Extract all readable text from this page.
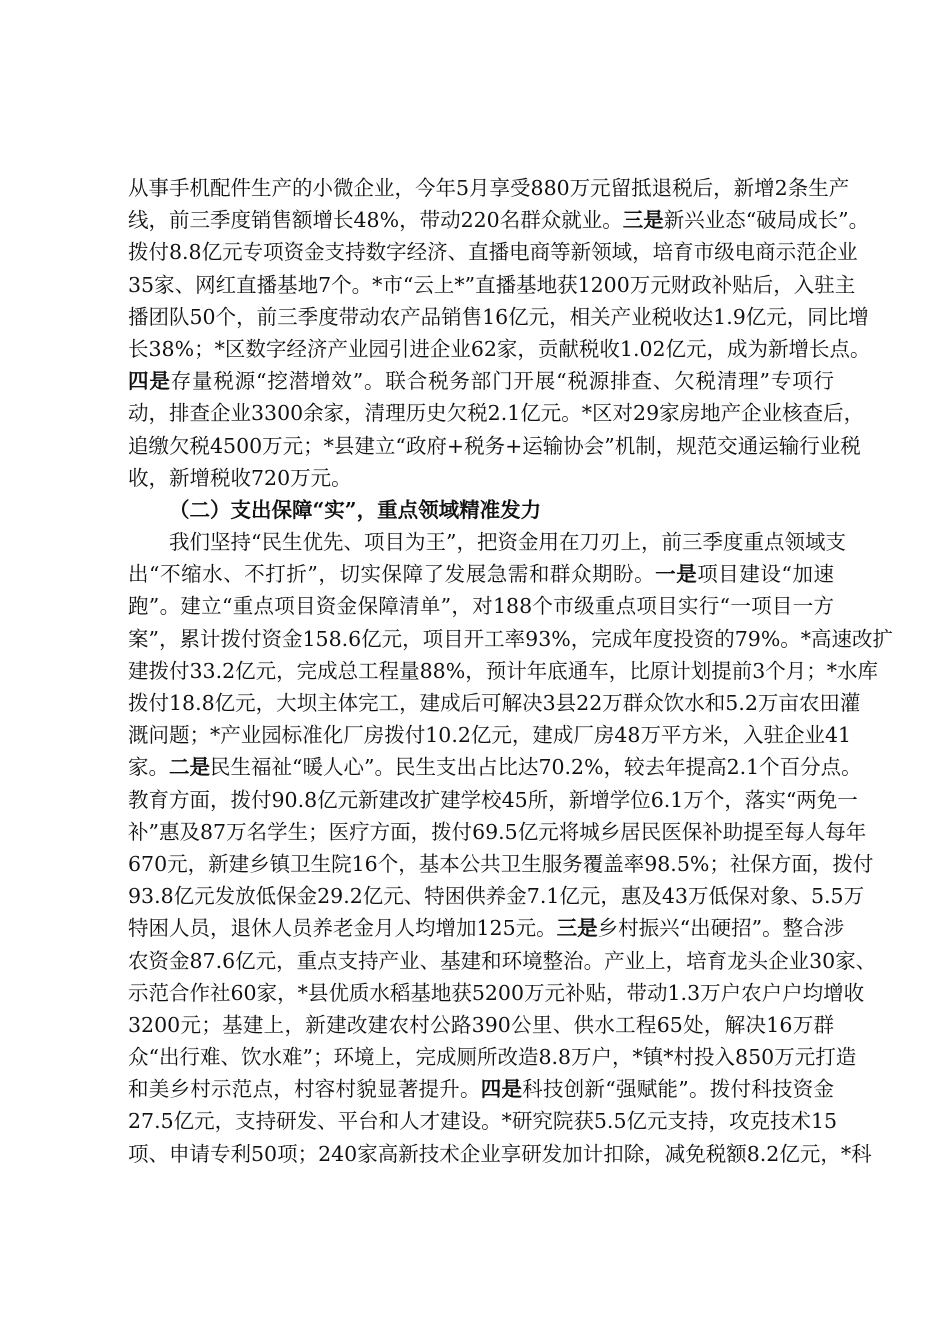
从事手机配件生产的小微企业，今年5月享受880万元留抵退税后，新增2条生产
线，前三季度销售额增长48%，带动220名群众就业。三是新兴业态“破局成长”。
拨付8.8亿元专项资金支持数字经济、直播电商等新领域，培育市级电商示范企业
35家、网红直播基地7个。*市“云上*”直播基地获1200万元财政补贴后，入驻主
播团队50个，前三季度带动农产品销售16亿元，相关产业税收达1.9亿元，同比增
长38%；*区数字经济产业园引进企业62家，贡献税收1.02亿元，成为新增长点。
四是存量税源“挖潜增效”。联合税务部门开展“税源排查、欠税清理”专项行
动，排查企业3300余家，清理历史欠税2.1亿元。*区对29家房地产企业核查后，
追缴欠税4500万元；*县建立“政府+税务+运输协会”机制，规范交通运输行业税
收，新增税收720万元。
（二）支出保障“实”，重点领域精准发力
我们坚持“民生优先、项目为王”，把资金用在刀刃上，前三季度重点领域支
出“不缩水、不打折”，切实保障了发展急需和群众期盼。一是项目建设“加速
跑”。建立“重点项目资金保障清单”，对188个市级重点项目实行“一项目一方
案”，累计拨付资金158.6亿元，项目开工率93%，完成年度投资的79%。*高速改扩
建拨付33.2亿元，完成总工程量88%，预计年底通车，比原计划提前3个月；*水库
拨付18.8亿元，大坝主体完工，建成后可解决3县22万群众饮水和5.2万亩农田灌
溉问题；*产业园标准化厂房拨付10.2亿元，建成厂房48万平方米，入驻企业41
家。二是民生福祉“暖人心”。民生支出占比达70.2%，较去年提高2.1个百分点。
教育方面，拨付90.8亿元新建改扩建学校45所，新增学位6.1万个，落实“两免一
补”惠及87万名学生；医疗方面，拨付69.5亿元将城乡居民医保补助提至每人每年
670元，新建乡镇卫生院16个，基本公共卫生服务覆盖率98.5%；社保方面，拨付
93.8亿元发放低保金29.2亿元、特困供养金7.1亿元，惠及43万低保对象、5.5万
特困人员，退休人员养老金月人均增加125元。三是乡村振兴“出硬招”。整合涉
农资金87.6亿元，重点支持产业、基建和环境整治。产业上，培育龙头企业30家、
示范合作社60家，*县优质水稻基地获5200万元补贴，带动1.3万户农户户均增收
3200元；基建上，新建改建农村公路390公里、供水工程65处，解决16万群
众“出行难、饮水难”；环境上，完成厕所改造8.8万户，*镇*村投入850万元打造
和美乡村示范点，村容村貌显著提升。四是科技创新“强赋能”。拨付科技资金
27.5亿元，支持研发、平台和人才建设。*研究院获5.5亿元支持，攻克技术15
项、申请专利50项；240家高新技术企业享研发加计扣除，减免税额8.2亿元，*科
